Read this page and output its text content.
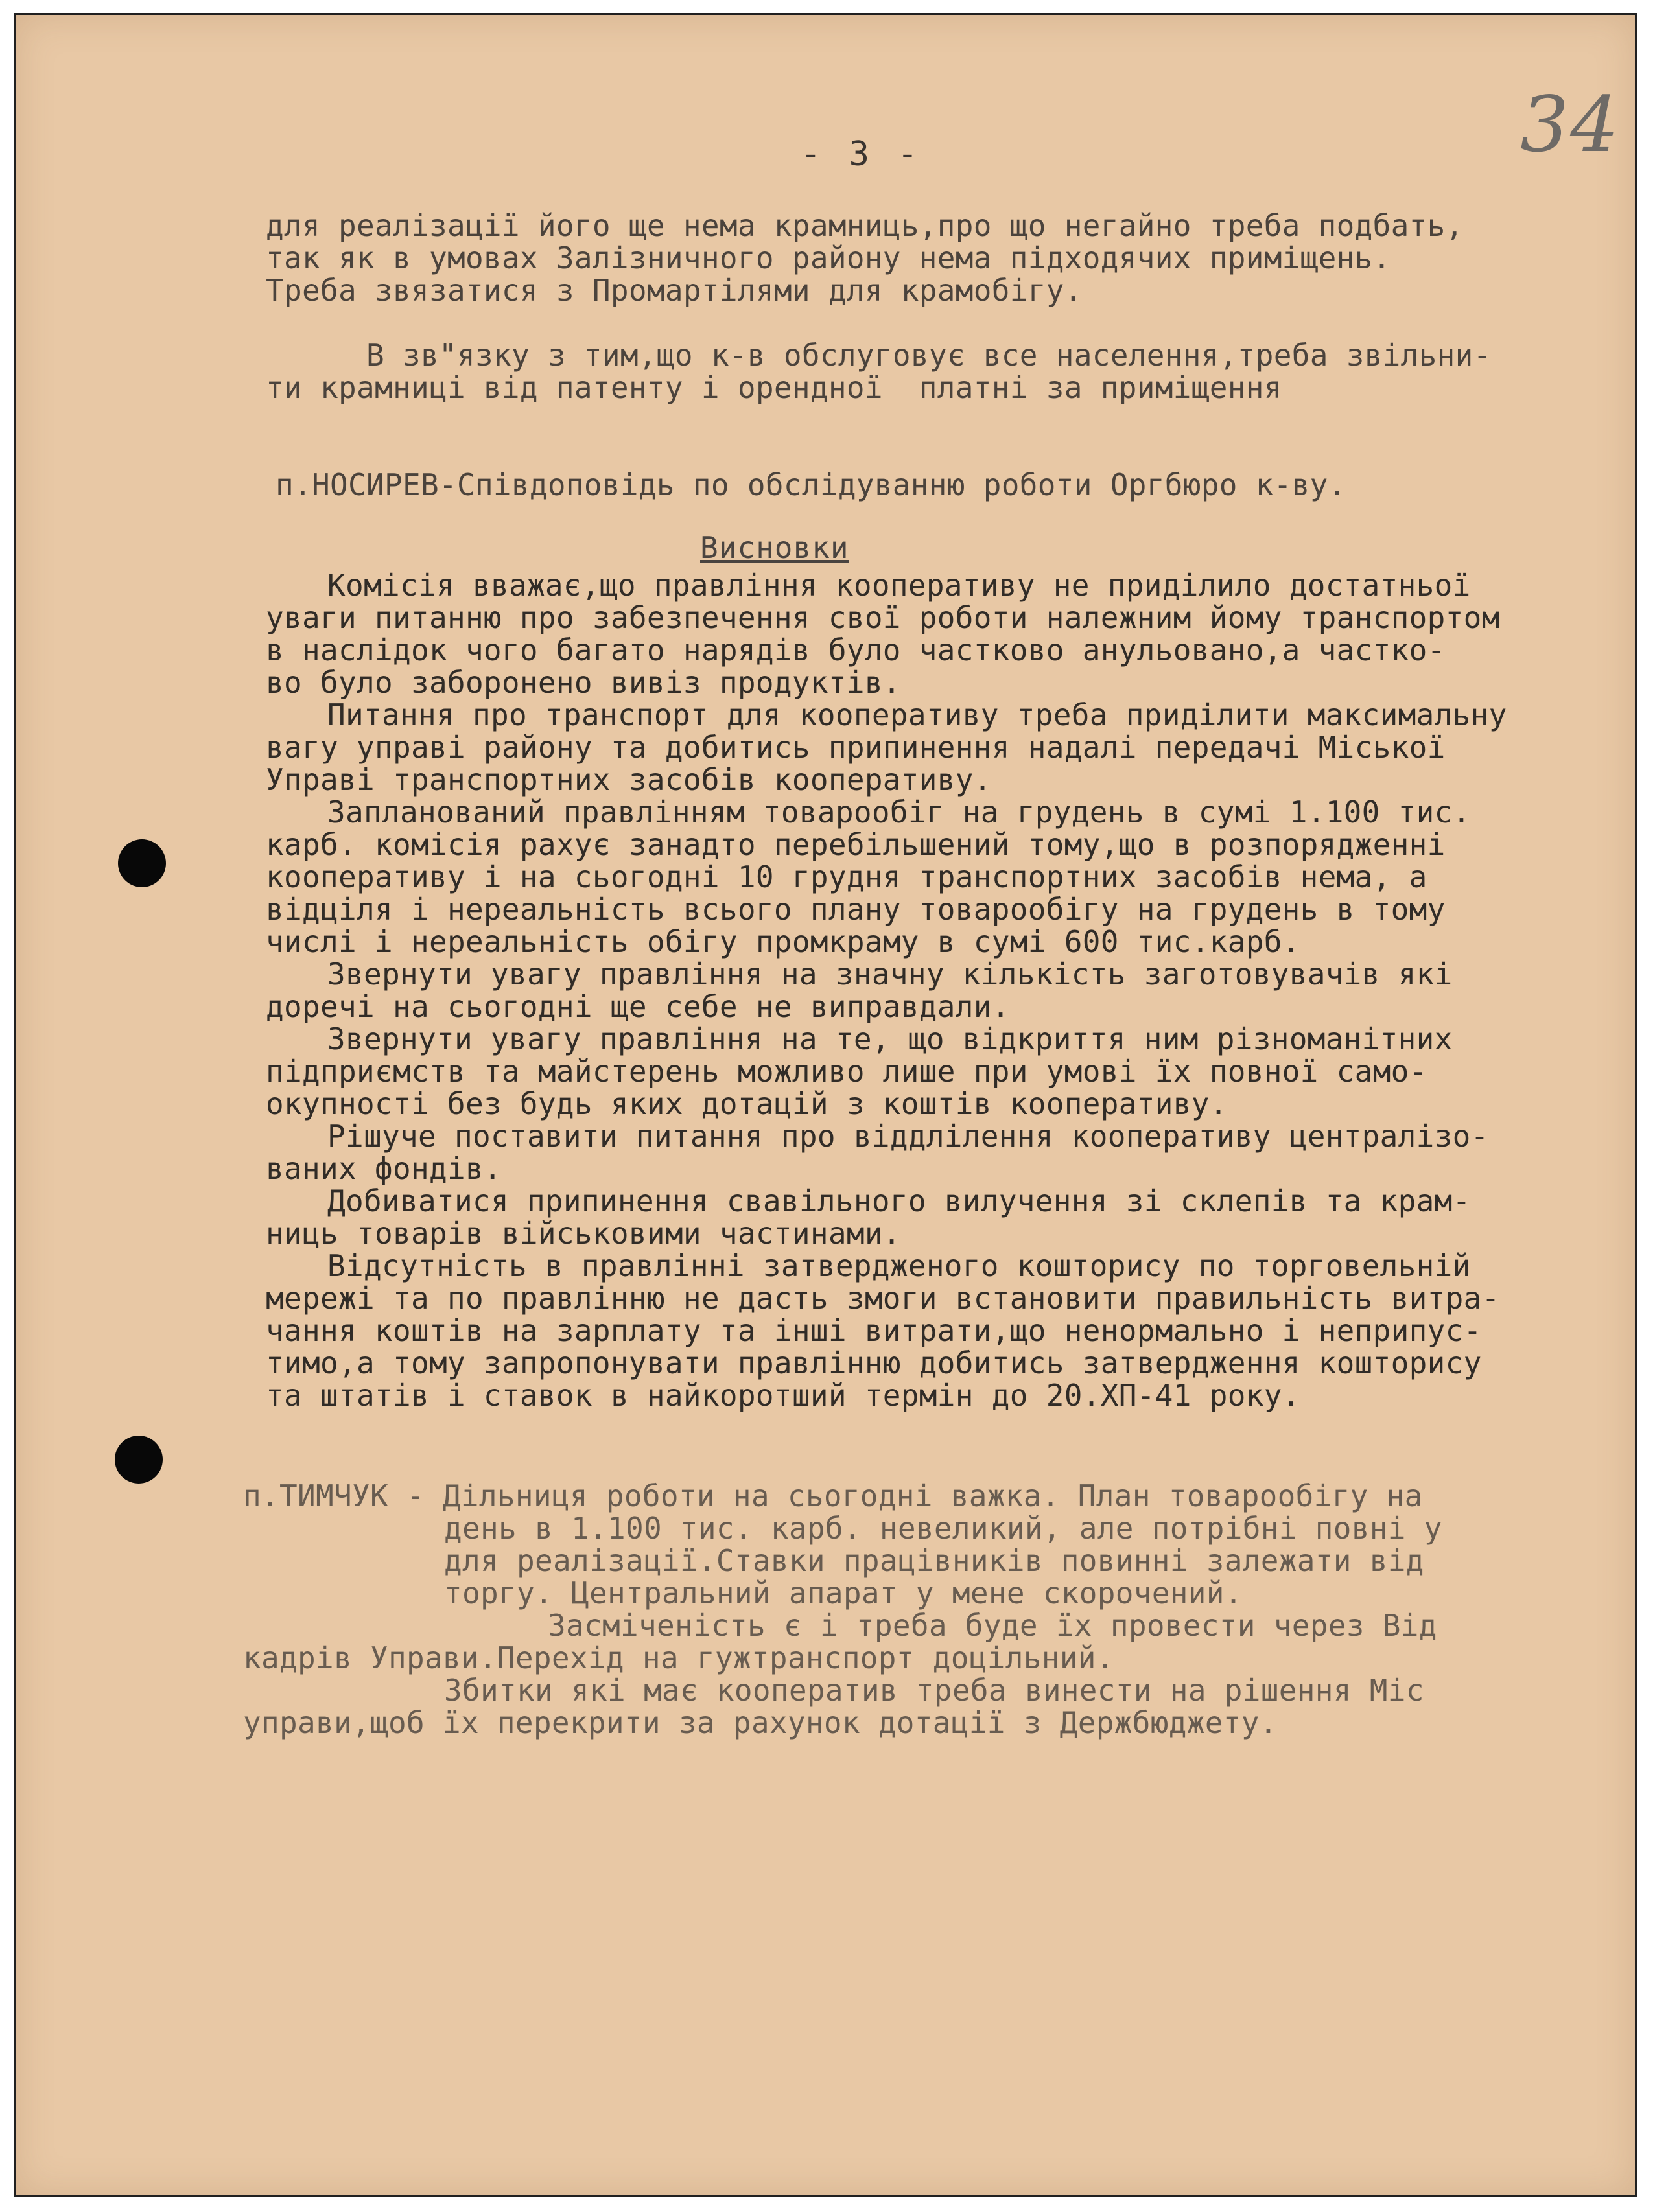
34
- 3 -
для реалізації його ще нема крамниць,про що негайно треба подбать,
так як в умовах Залізничного району нема підходячих приміщень.
Треба звязатися з Промартілями для крамобігу.
В зв"язку з тим,що к-в обслуговує все населення,треба звільни-
ти крамниці від патенту і орендної  платні за приміщення
п.НОСИРЕВ-Співдоповідь по обслідуванню роботи Оргбюро к-ву.
Висновки
Комісія вважає,що правління кооперативу не приділило достатньої
уваги питанню про забезпечення свої роботи належним йому транспортом
в наслідок чого багато нарядів було частково анульовано,а частко-
во було заборонено вивіз продуктів.
Питання про транспорт для кооперативу треба приділити максимальну
вагу управі району та добитись припинення надалі передачі Міської
Управі транспортних засобів кооперативу.
Запланований правлінням товарообіг на грудень в сумі 1.100 тис.
карб. комісія рахує занадто перебільшений тому,що в розпорядженні
кооперативу і на сьогодні 10 грудня транспортних засобів нема, а
відціля і нереальність всього плану товарообігу на грудень в тому
числі і нереальність обігу промкраму в сумі 600 тис.карб.
Звернути увагу правління на значну кількість заготовувачів які
доречі на сьогодні ще себе не виправдали.
Звернути увагу правління на те, що відкриття ним різноманітних
підприємств та майстерень можливо лише при умові їх повної само-
окупності без будь яких дотацій з коштів кооперативу.
Рішуче поставити питання про віддлілення кооперативу централізо-
ваних фондів.
Добиватися припинення свавільного вилучення зі склепів та крам-
ниць товарів військовими частинами.
Відсутність в правлінні затвердженого кошторису по торговельній
мережі та по правлінню не дасть змоги встановити правильність витра-
чання коштів на зарплату та інші витрати,що ненормально і неприпус-
тимо,а тому запропонувати правлінню добитись затвердження кошторису
та штатів і ставок в найкоротший термін до 20.ХП-41 року.
п.ТИМЧУК - Дільниця роботи на сьогодні важка. План товарообігу на
день в 1.100 тис. карб. невеликий, але потрібні повні у
для реалізації.Ставки працівників повинні залежати від
торгу. Центральний апарат у мене скорочений.
Засміченість є і треба буде їх провести через Від
кадрів Управи.Перехід на гужтранспорт доцільний.
Збитки які має кооператив треба винести на рішення Міс
управи,щоб їх перекрити за рахунок дотації з Держбюджету.
